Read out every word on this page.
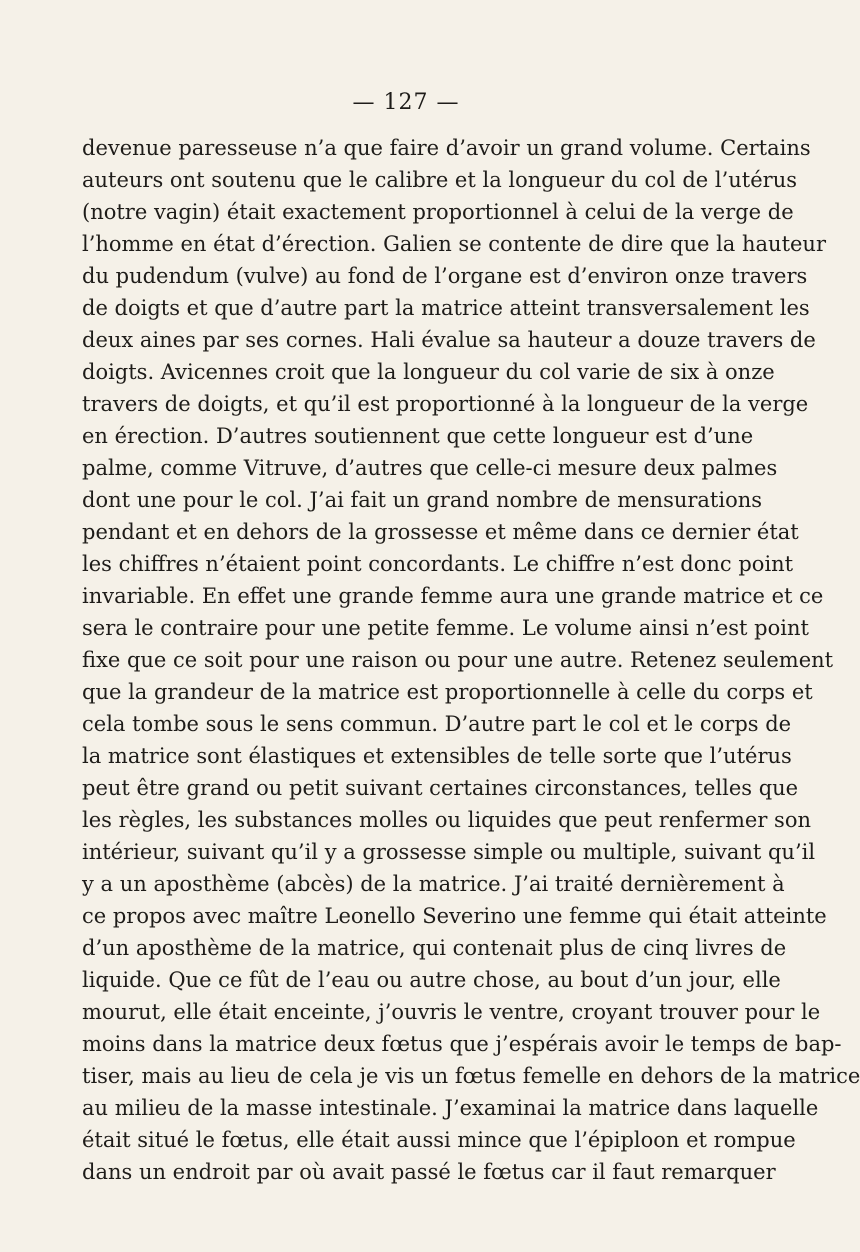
— 127 —
devenue paresseuse n’a que faire d’avoir un grand volume. Certains
auteurs ont soutenu que le calibre et la longueur du col de l’utérus
(notre vagin) était exactement proportionnel à celui de la verge de
l’homme en état d’érection. Galien se contente de dire que la hauteur
du pudendum (vulve) au fond de l’organe est d’environ onze travers
de doigts et que d’autre part la matrice atteint transversalement les
deux aines par ses cornes. Hali évalue sa hauteur a douze travers de
doigts. Avicennes croit que la longueur du col varie de six à onze
travers de doigts, et qu’il est proportionné à la longueur de la verge
en érection. D’autres soutiennent que cette longueur est d’une
palme, comme Vitruve, d’autres que celle-ci mesure deux palmes
dont une pour le col. J’ai fait un grand nombre de mensurations
pendant et en dehors de la grossesse et même dans ce dernier état
les chiffres n’étaient point concordants. Le chiffre n’est donc point
invariable. En effet une grande femme aura une grande matrice et ce
sera le contraire pour une petite femme. Le volume ainsi n’est point
fixe que ce soit pour une raison ou pour une autre. Retenez seulement
que la grandeur de la matrice est proportionnelle à celle du corps et
cela tombe sous le sens commun. D’autre part le col et le corps de
la matrice sont élastiques et extensibles de telle sorte que l’utérus
peut être grand ou petit suivant certaines circonstances, telles que
les règles, les substances molles ou liquides que peut renfermer son
intérieur, suivant qu’il y a grossesse simple ou multiple, suivant qu’il
y a un aposthème (abcès) de la matrice. J’ai traité dernièrement à
ce propos avec maître Leonello Severino une femme qui était atteinte
d’un aposthème de la matrice, qui contenait plus de cinq livres de
liquide. Que ce fût de l’eau ou autre chose, au bout d’un jour, elle
mourut, elle était enceinte, j’ouvris le ventre, croyant trouver pour le
moins dans la matrice deux fœtus que j’espérais avoir le temps de bap-
tiser, mais au lieu de cela je vis un fœtus femelle en dehors de la matrice
au milieu de la masse intestinale. J’examinai la matrice dans laquelle
était situé le fœtus, elle était aussi mince que l’épiploon et rompue
dans un endroit par où avait passé le fœtus car il faut remarquer
